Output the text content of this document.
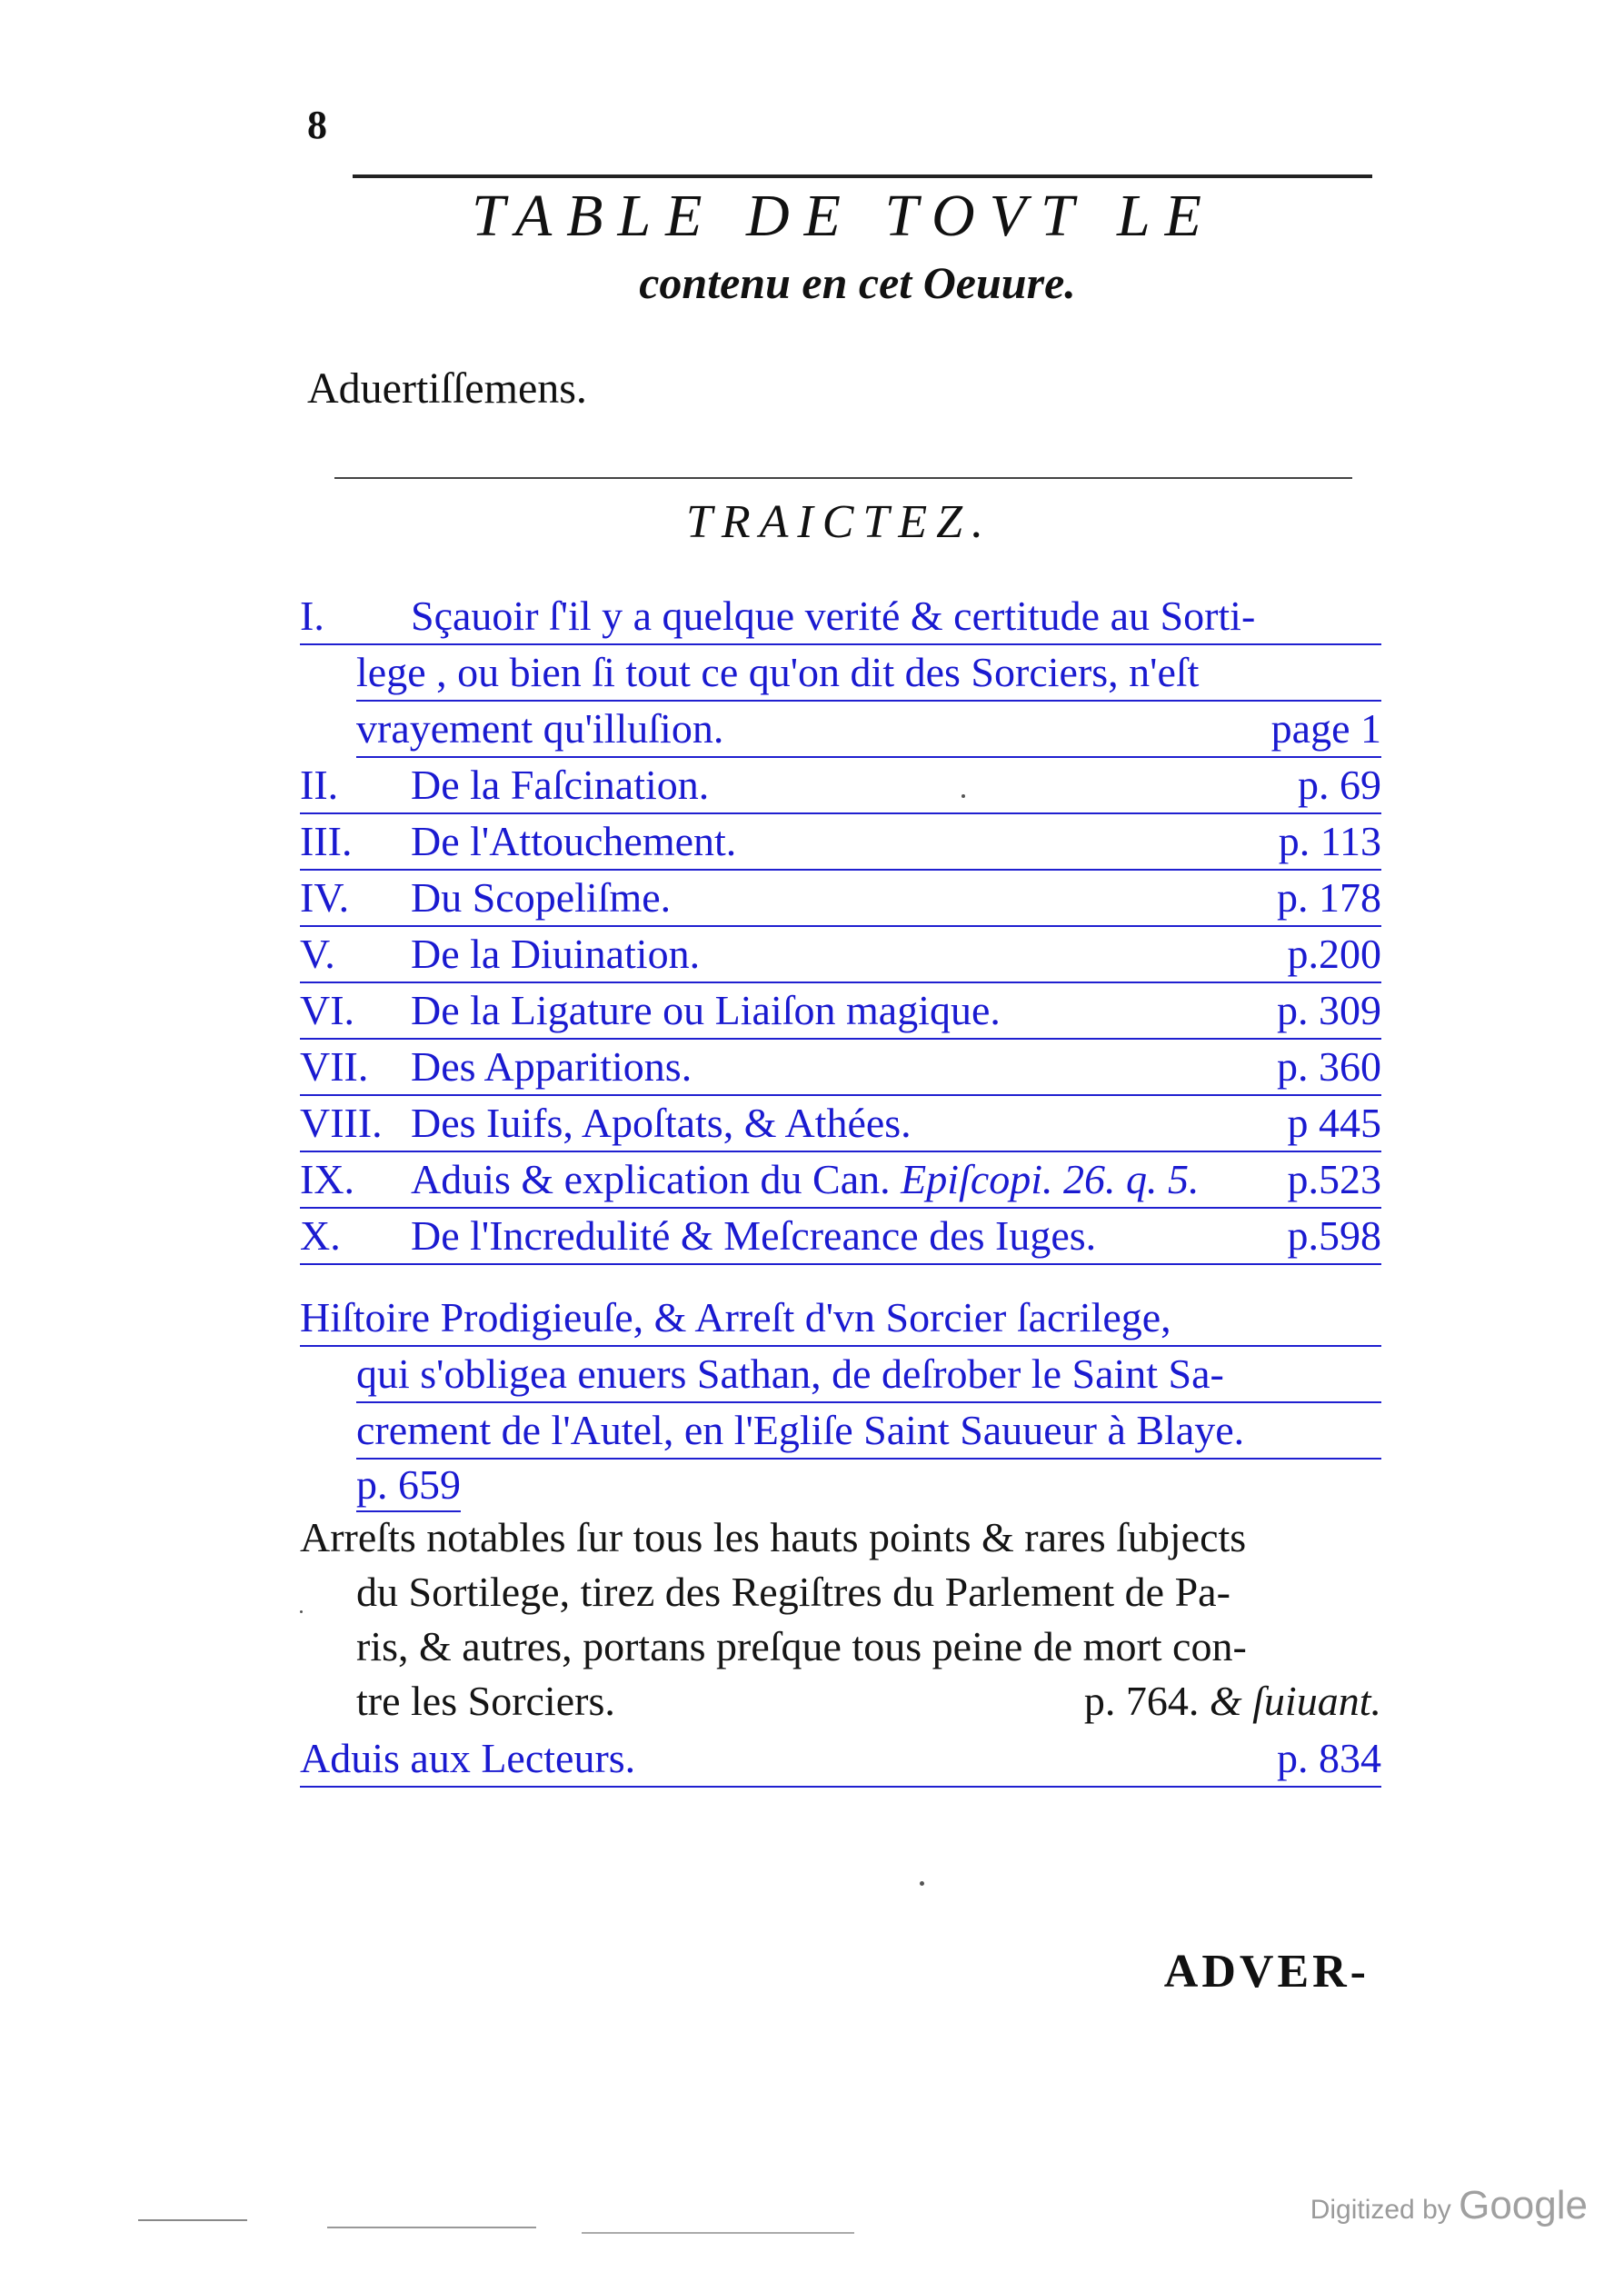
8
TABLE DE TOVT LE
contenu en cet Oeuure.
Aduertiſſemens.
TRAICTEZ.
I. Sçauoir ſ'il y a quelque verité & certitude au Sorti-
lege , ou bien ſi tout ce qu'on dit des Sorciers, n'eſt
vrayement qu'illuſion.	page 1
II. De la Faſcination.	p. 69
III. De l'Attouchement.	p. 113
IV. Du Scopeliſme.	p. 178
V. De la Diuination.	p.200
VI. De la Ligature ou Liaiſon magique.	p. 309
VII. Des Apparitions.	p. 360
VIII. Des Iuifs, Apoſtats, & Athées.	p 445
IX. Aduis & explication du Can. Epiſcopi. 26. q. 5. p.523
X. De l'Incredulité & Meſcreance des Iuges.	p.598
Hiſtoire Prodigieuſe, & Arreſt d'vn Sorcier ſacrilege,
qui s'obligea enuers Sathan, de deſrober le Saint Sa-
crement de l'Autel, en l'Egliſe Saint Sauueur à Blaye.
p. 659
Arreſts notables ſur tous les hauts points & rares ſubjects
du Sortilege, tirez des Regiſtres du Parlement de Pa-
ris, & autres, portans preſque tous peine de mort con-
tre les Sorciers.	p. 764. & ſuiuant.
Aduis aux Lecteurs.	p. 834
ADVER-
Digitized by Google
